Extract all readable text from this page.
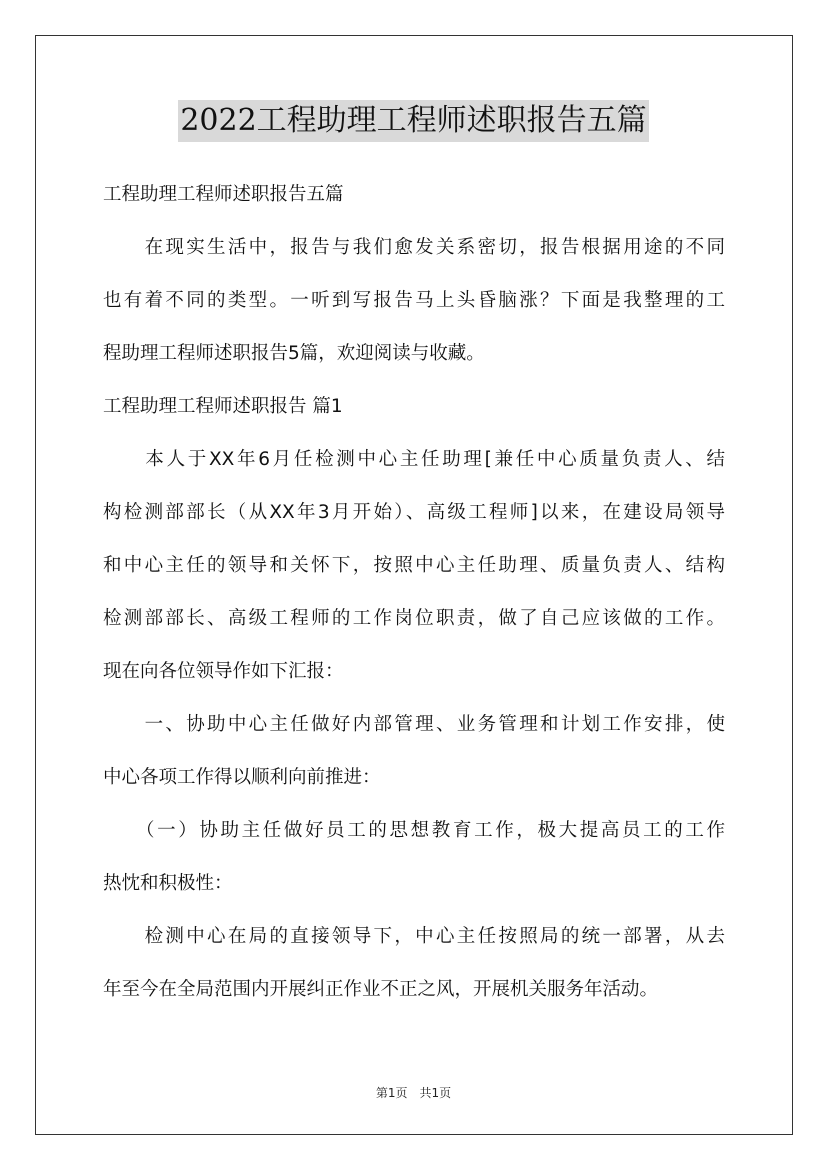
2022工程助理工程师述职报告五篇
工程助理工程师述职报告五篇
　　在现实生活中，报告与我们愈发关系密切，报告根据用途的不同
也有着不同的类型。一听到写报告马上头昏脑涨？下面是我整理的工
程助理工程师述职报告5篇，欢迎阅读与收藏。
工程助理工程师述职报告 篇1
　　本人于XX年6月任检测中心主任助理[兼任中心质量负责人、结
构检测部部长（从XX年3月开始）、高级工程师]以来，在建设局领导
和中心主任的领导和关怀下，按照中心主任助理、质量负责人、结构
检测部部长、高级工程师的工作岗位职责，做了自己应该做的工作。
现在向各位领导作如下汇报：
　　一、协助中心主任做好内部管理、业务管理和计划工作安排，使
中心各项工作得以顺利向前推进：
　　（一）协助主任做好员工的思想教育工作，极大提高员工的工作
热忱和积极性：
　　检测中心在局的直接领导下，中心主任按照局的统一部署，从去
年至今在全局范围内开展纠正作业不正之风，开展机关服务年活动。
第1页　共1页
